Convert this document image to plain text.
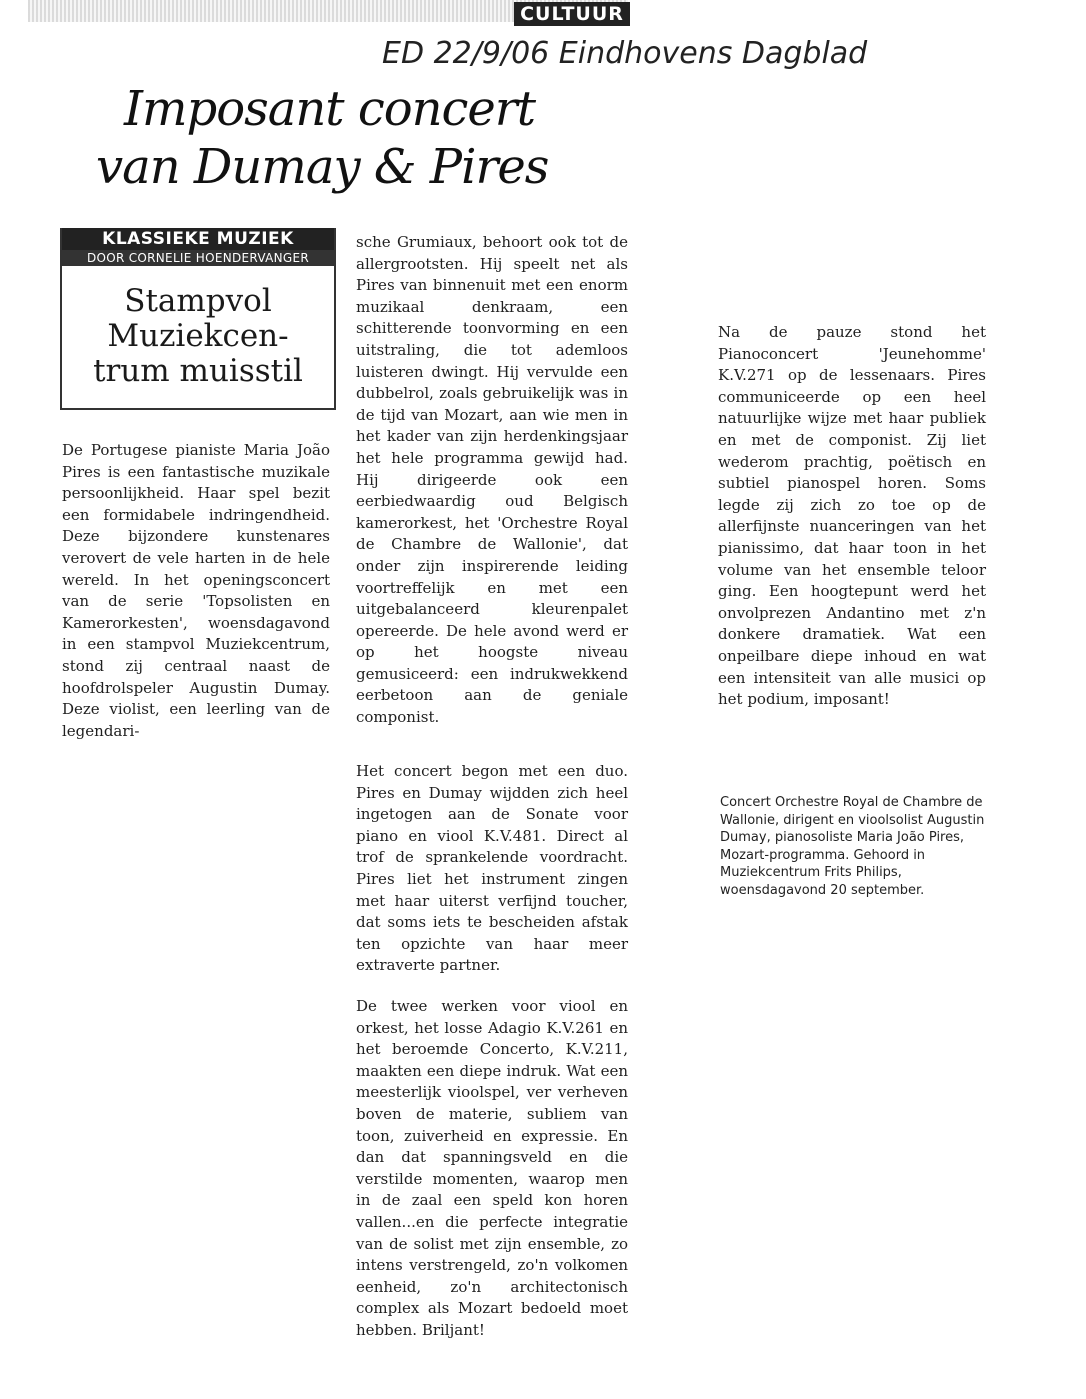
CULTUUR
ED 22/9/06 Eindhovens Dagblad
Imposant concert
van Dumay & Pires
KLASSIEKE MUZIEK
DOOR CORNELIE HOENDERVANGER
Stampvol Muziekcen-trum muisstil

De Portugese pianiste Maria João Pires is een fantastische muzikale persoonlijkheid. Haar spel bezit een formidabele indringendheid. Deze bijzondere kunstenares verovert de vele harten in de hele wereld. In het openingsconcert van de serie 'Topsolisten en Kamerorkesten', woensdagavond in een stampvol Muziekcentrum, stond zij centraal naast de hoofdrolspeler Augustin Dumay. Deze violist, een leerling van de legendari-

sche Grumiaux, behoort ook tot de allergrootsten. Hij speelt net als Pires van binnenuit met een enorm muzikaal denkraam, een schitterende toonvorming en een uitstraling, die tot ademloos luisteren dwingt. Hij vervulde een dubbelrol, zoals gebruikelijk was in de tijd van Mozart, aan wie men in het kader van zijn herdenkingsjaar het hele programma gewijd had. Hij dirigeerde ook een eerbiedwaardig oud Belgisch kamerorkest, het 'Orchestre Royal de Chambre de Wallonie', dat onder zijn inspirerende leiding voortreffelijk en met een uitgebalanceerd kleurenpalet opereerde. De hele avond werd er op het hoogste niveau gemusiceerd: een indrukwekkend eerbetoon aan de geniale componist.

Het concert begon met een duo. Pires en Dumay wijdden zich heel ingetogen aan de Sonate voor piano en viool K.V.481. Direct al trof de sprankelende voordracht. Pires liet het instrument zingen met haar uiterst verfijnd toucher, dat soms iets te bescheiden afstak ten opzichte van haar meer extraverte partner.

De twee werken voor viool en orkest, het losse Adagio K.V.261 en het beroemde Concerto, K.V.211, maakten een diepe indruk. Wat een meesterlijk vioolspel, ver verheven boven de materie, subliem van toon, zuiverheid en expressie. En dan dat spanningsveld en die verstilde momenten, waarop men in de zaal een speld kon horen vallen...en die perfecte integratie van de solist met zijn ensemble, zo intens verstrengeld, zo'n volkomen eenheid, zo'n architectonisch complex als Mozart bedoeld moet hebben. Briljant!

Na de pauze stond het Pianoconcert 'Jeunehomme' K.V.271 op de lessenaars. Pires communiceerde op een heel natuurlijke wijze met haar publiek en met de componist. Zij liet wederom prachtig, poëtisch en subtiel pianospel horen. Soms legde zij zich zo toe op de allerfijnste nuanceringen van het pianissimo, dat haar toon in het volume van het ensemble teloor ging. Een hoogtepunt werd het onvolprezen Andantino met z'n donkere dramatiek. Wat een onpeilbare diepe inhoud en wat een intensiteit van alle musici op het podium, imposant!

Concert Orchestre Royal de Chambre de Wallonie, dirigent en vioolsolist Augustin Dumay, pianosoliste Maria João Pires, Mozart-programma. Gehoord in Muziekcentrum Frits Philips, woensdagavond 20 september.
